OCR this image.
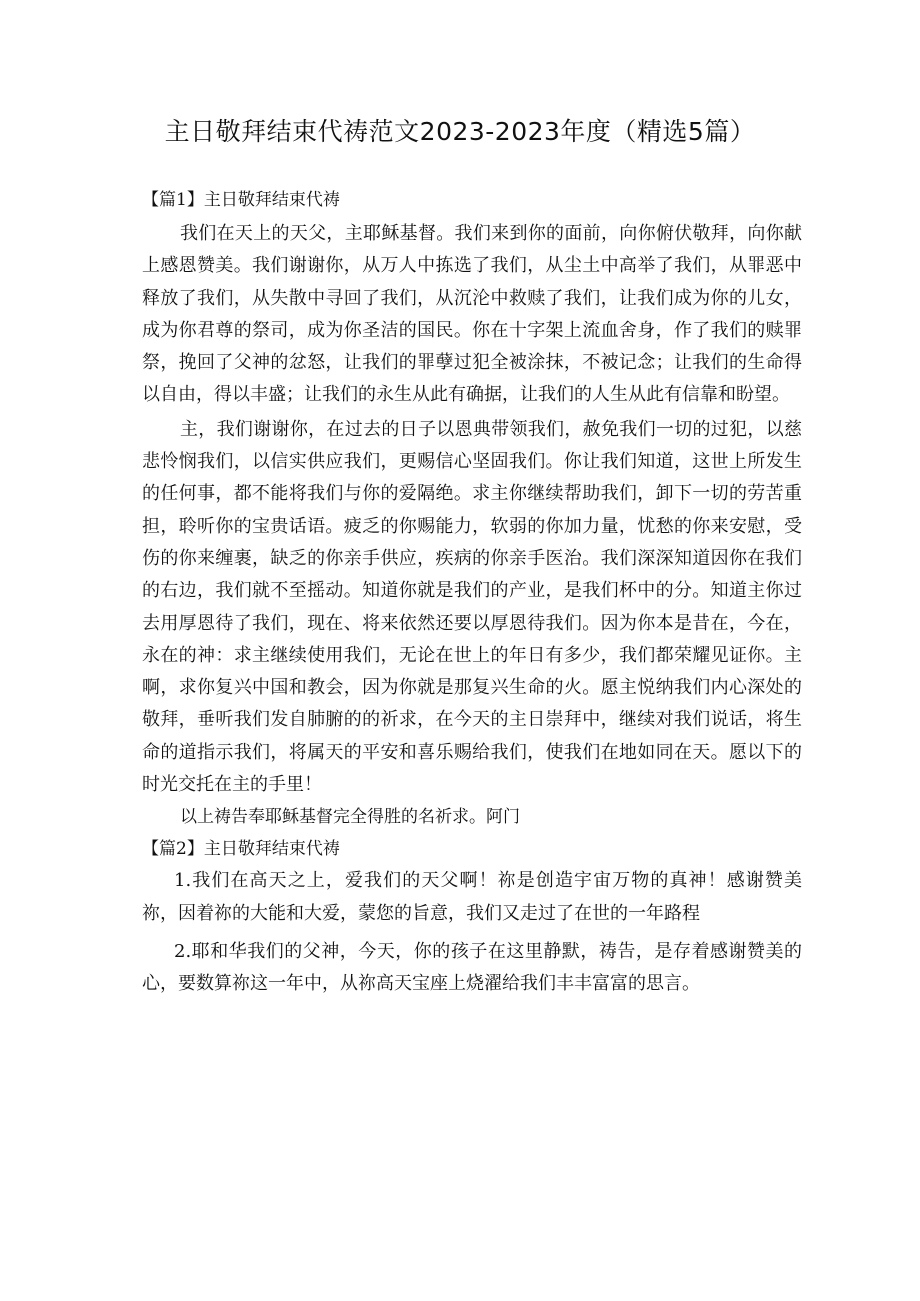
主日敬拜结束代祷范文2023-2023年度（精选5篇）

【篇1】主日敬拜结束代祷

我们在天上的天父，主耶稣基督。我们来到你的面前，向你俯伏敬拜，向你献上感恩赞美。我们谢谢你，从万人中拣选了我们，从尘土中高举了我们，从罪恶中释放了我们，从失散中寻回了我们，从沉沦中救赎了我们，让我们成为你的儿女，成为你君尊的祭司，成为你圣洁的国民。你在十字架上流血舍身，作了我们的赎罪祭，挽回了父神的忿怒，让我们的罪孽过犯全被涂抹，不被记念；让我们的生命得以自由，得以丰盛；让我们的永生从此有确据，让我们的人生从此有信靠和盼望。

主，我们谢谢你，在过去的日子以恩典带领我们，赦免我们一切的过犯，以慈悲怜悯我们，以信实供应我们，更赐信心坚固我们。你让我们知道，这世上所发生的任何事，都不能将我们与你的爱隔绝。求主你继续帮助我们，卸下一切的劳苦重担，聆听你的宝贵话语。疲乏的你赐能力，软弱的你加力量，忧愁的你来安慰，受伤的你来缠裹，缺乏的你亲手供应，疾病的你亲手医治。我们深深知道因你在我们的右边，我们就不至摇动。知道你就是我们的产业，是我们杯中的分。知道主你过去用厚恩待了我们，现在、将来依然还要以厚恩待我们。因为你本是昔在，今在，永在的神：求主继续使用我们，无论在世上的年日有多少，我们都荣耀见证你。主啊，求你复兴中国和教会，因为你就是那复兴生命的火。愿主悦纳我们内心深处的敬拜，垂听我们发自肺腑的的祈求，在今天的主日崇拜中，继续对我们说话，将生命的道指示我们，将属天的平安和喜乐赐给我们，使我们在地如同在天。愿以下的时光交托在主的手里！

以上祷告奉耶稣基督完全得胜的名祈求。阿门

【篇2】主日敬拜结束代祷

1.我们在高天之上，爱我们的天父啊！祢是创造宇宙万物的真神！感谢赞美祢，因着祢的大能和大爱，蒙您的旨意，我们又走过了在世的一年路程

2.耶和华我们的父神，今天，你的孩子在这里静默，祷告，是存着感谢赞美的心，要数算祢这一年中，从祢高天宝座上烧濯给我们丰丰富富的思言。
